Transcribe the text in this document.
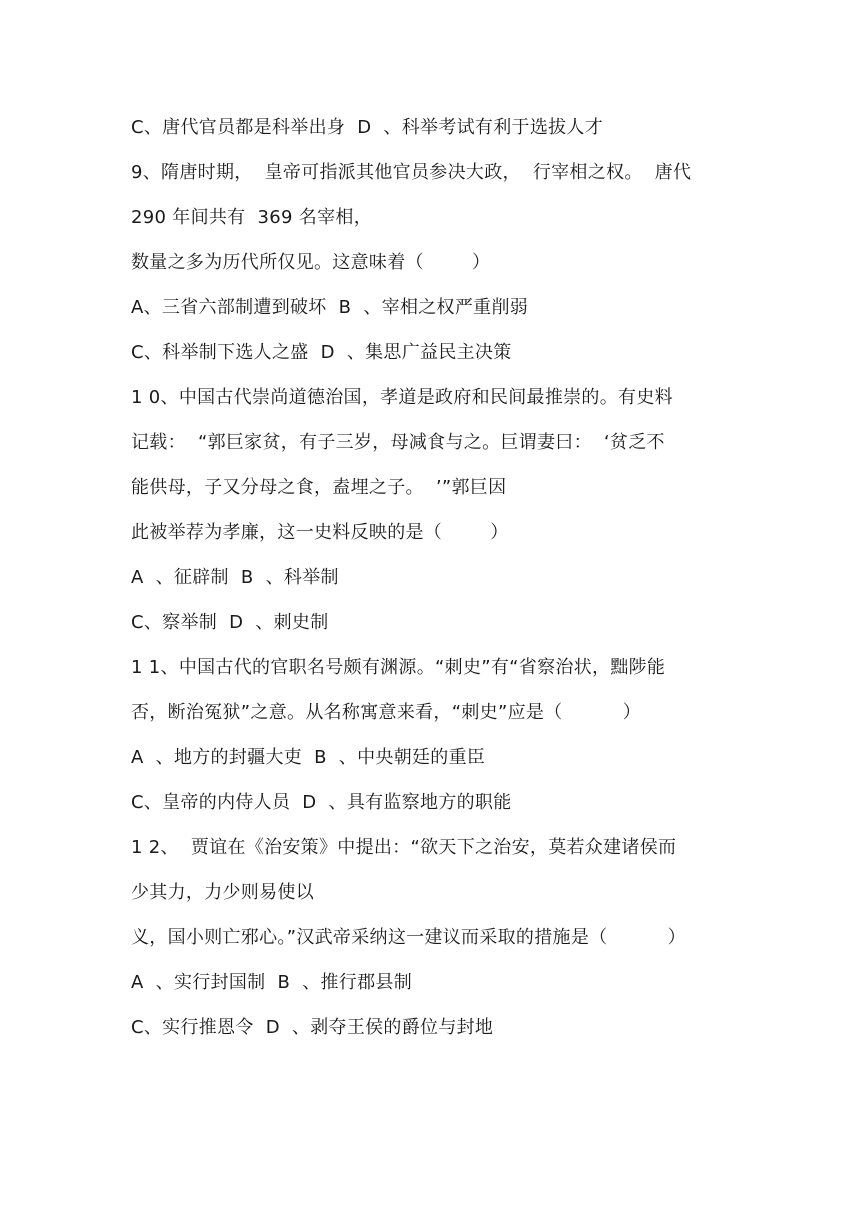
C、唐代官员都是科举出身  D  、科举考试有利于选拔人才
9、隋唐时期，  皇帝可指派其他官员参决大政，  行宰相之权。  唐代
290 年间共有  369 名宰相，
数量之多为历代所仅见。这意味着（        ）
A、三省六部制遭到破坏  B  、宰相之权严重削弱
C、科举制下选人之盛  D  、集思广益民主决策
1 0、中国古代崇尚道德治国，孝道是政府和民间最推崇的。有史料
记载：  “郭巨家贫，有子三岁，母减食与之。巨谓妻曰：  ‘贫乏不
能供母，子又分母之食，盍埋之子。  ’”郭巨因
此被举荐为孝廉，这一史料反映的是（        ）
A  、征辟制  B  、科举制
C、察举制  D  、刺史制
1 1、中国古代的官职名号颇有渊源。“刺史”有“省察治状，黜陟能
否，断治冤狱”之意。从名称寓意来看，“刺史”应是（          ）
A  、地方的封疆大吏  B  、中央朝廷的重臣
C、皇帝的内侍人员  D  、具有监察地方的职能
1 2、  贾谊在《治安策》中提出：“欲天下之治安，莫若众建诸侯而
少其力，力少则易使以
义，国小则亡邪心。”汉武帝采纳这一建议而采取的措施是（          ）
A  、实行封国制  B  、推行郡县制
C、实行推恩令  D  、剥夺王侯的爵位与封地
